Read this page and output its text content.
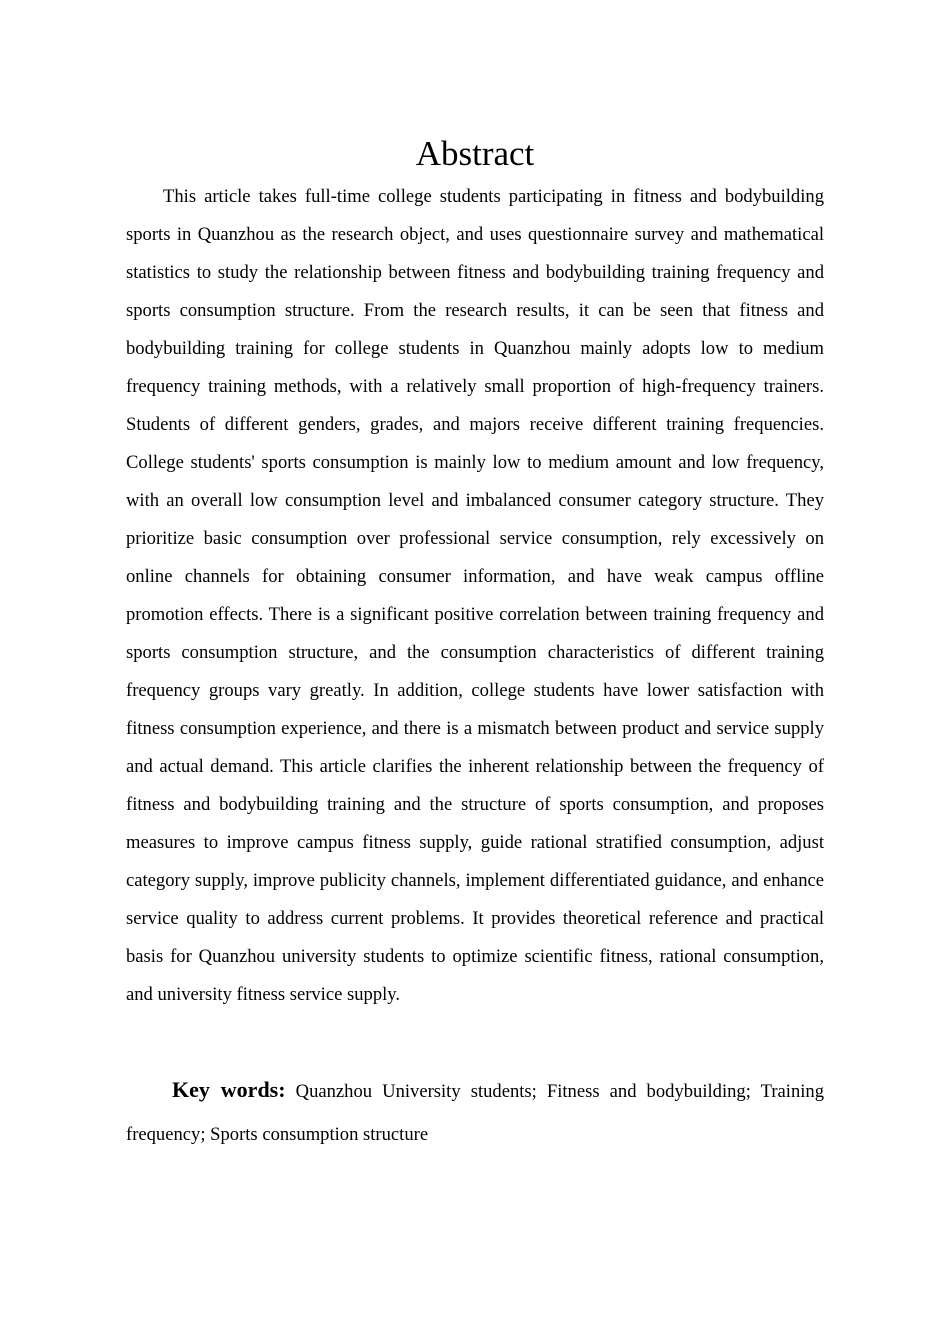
Abstract

This article takes full-time college students participating in fitness and bodybuilding sports in Quanzhou as the research object, and uses questionnaire survey and mathematical statistics to study the relationship between fitness and bodybuilding training frequency and sports consumption structure. From the research results, it can be seen that fitness and bodybuilding training for college students in Quanzhou mainly adopts low to medium frequency training methods, with a relatively small proportion of high-frequency trainers. Students of different genders, grades, and majors receive different training frequencies. College students' sports consumption is mainly low to medium amount and low frequency, with an overall low consumption level and imbalanced consumer category structure. They prioritize basic consumption over professional service consumption, rely excessively on online channels for obtaining consumer information, and have weak campus offline promotion effects. There is a significant positive correlation between training frequency and sports consumption structure, and the consumption characteristics of different training frequency groups vary greatly. In addition, college students have lower satisfaction with fitness consumption experience, and there is a mismatch between product and service supply and actual demand. This article clarifies the inherent relationship between the frequency of fitness and bodybuilding training and the structure of sports consumption, and proposes measures to improve campus fitness supply, guide rational stratified consumption, adjust category supply, improve publicity channels, implement differentiated guidance, and enhance service quality to address current problems. It provides theoretical reference and practical basis for Quanzhou university students to optimize scientific fitness, rational consumption, and university fitness service supply.

Key words: Quanzhou University students; Fitness and bodybuilding; Training frequency; Sports consumption structure
